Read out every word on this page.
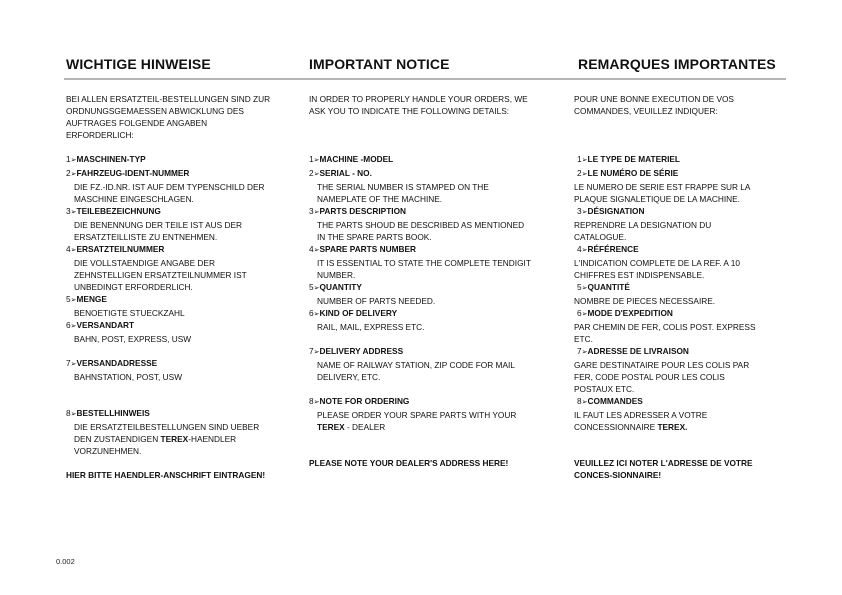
WICHTIGE HINWEISE	IMPORTANT NOTICE	REMARQUES IMPORTANTES
BEI ALLEN ERSATZTEIL-BESTELLUNGEN SIND ZUR
ORDNUNGSGEMAESSEN ABWICKLUNG DES
AUFTRAGES FOLGENDE ANGABEN
ERFORDERLICH:
1➢MASCHINEN-TYP
2➢FAHRZEUG-IDENT-NUMMER
DIE FZ.-ID.NR. IST AUF DEM TYPENSCHILD DER
MASCHINE EINGESCHLAGEN.
3➢TEILEBEZEICHNUNG
DIE BENENNUNG DER TEILE IST AUS DER
ERSATZTEILLISTE ZU ENTNEHMEN.
4➢ERSATZTEILNUMMER
DIE VOLLSTAENDIGE ANGABE DER
ZEHNSTELLIGEN ERSATZTEILNUMMER IST
UNBEDINGT ERFORDERLICH.
5➢MENGE
BENOETIGTE STUECKZAHL
6➢VERSANDART
BAHN, POST, EXPRESS, USW
7➢VERSANDADRESSE
BAHNSTATION, POST, USW
8➢BESTELLHINWEIS
DIE ERSATZTEILBESTELLUNGEN SIND UEBER
DEN ZUSTAENDIGEN TEREX-HAENDLER
VORZUNEHMEN.
HIER BITTE HAENDLER-ANSCHRIFT EINTRAGEN!
IN ORDER TO PROPERLY HANDLE YOUR ORDERS, WE
ASK YOU TO INDICATE THE FOLLOWING DETAILS:
1➢MACHINE -MODEL
2➢SERIAL - NO.
THE SERIAL NUMBER IS STAMPED ON THE
NAMEPLATE OF THE MACHINE.
3➢PARTS DESCRIPTION
THE PARTS SHOUD BE DESCRIBED AS MENTIONED
IN THE SPARE PARTS BOOK.
4➢SPARE PARTS NUMBER
IT IS ESSENTIAL TO STATE THE COMPLETE TENDIGIT
NUMBER.
5➢QUANTITY
NUMBER OF PARTS NEEDED.
6➢KIND OF DELIVERY
RAIL, MAIL, EXPRESS ETC.
7➢DELIVERY ADDRESS
NAME OF RAILWAY STATION, ZIP CODE FOR MAIL
DELIVERY, ETC.
8➢NOTE FOR ORDERING
PLEASE ORDER YOUR SPARE PARTS WITH YOUR
TEREX - DEALER
PLEASE NOTE YOUR DEALER'S ADDRESS HERE!
POUR UNE BONNE EXECUTION DE VOS
COMMANDES, VEUILLEZ INDIQUER:
1➢LE TYPE DE MATERIEL
2➢LE NUMÉRO DE SÉRIE
LE NUMERO DE SERIE EST FRAPPE SUR LA
PLAQUE SIGNALETIQUE DE LA MACHINE.
3➢DÉSIGNATION
REPRENDRE LA DESIGNATION DU
CATALOGUE.
4➢RÉFÉRENCE
L'INDICATION COMPLETE DE LA REF. A 10
CHIFFRES EST INDISPENSABLE.
5➢QUANTITÉ
NOMBRE DE PIECES NECESSAIRE.
6➢MODE D'EXPEDITION
PAR CHEMIN DE FER, COLIS POST. EXPRESS
ETC.
7➢ADRESSE DE LIVRAISON
GARE DESTINATAIRE POUR LES COLIS PAR
FER, CODE POSTAL POUR LES COLIS
POSTAUX ETC.
8➢COMMANDES
IL FAUT LES ADRESSER A VOTRE
CONCESSIONNAIRE TEREX.
VEUILLEZ ICI NOTER L'ADRESSE DE VOTRE
CONCES-SIONNAIRE!
0.002
